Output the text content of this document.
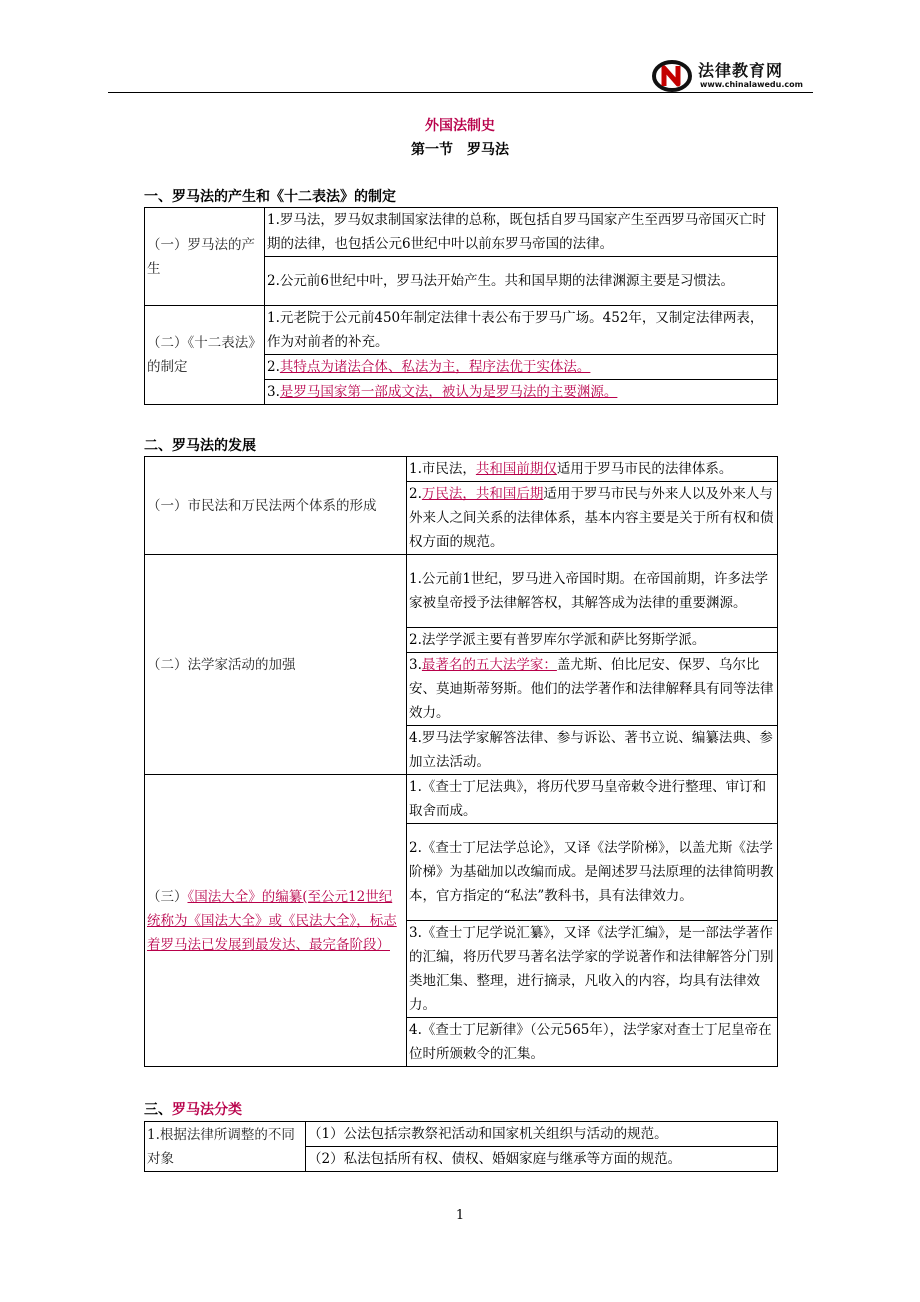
法律教育网
www.chinalawedu.com
外国法制史
第一节　罗马法
一、罗马法的产生和《十二表法》的制定
（一）罗马法的产生	1.罗马法，罗马奴隶制国家法律的总称，既包括自罗马国家产生至西罗马帝国灭亡时期的法律，也包括公元6世纪中叶以前东罗马帝国的法律。
	2.公元前6世纪中叶，罗马法开始产生。共和国早期的法律渊源主要是习惯法。
（二）《十二表法》的制定	1.元老院于公元前450年制定法律十表公布于罗马广场。452年，又制定法律两表，作为对前者的补充。
	2.其特点为诸法合体、私法为主，程序法优于实体法。
	3.是罗马国家第一部成文法，被认为是罗马法的主要渊源。
二、罗马法的发展
（一）市民法和万民法两个体系的形成	1.市民法，共和国前期仅适用于罗马市民的法律体系。
	2.万民法，共和国后期适用于罗马市民与外来人以及外来人与外来人之间关系的法律体系，基本内容主要是关于所有权和债权方面的规范。
（二）法学家活动的加强	1.公元前1世纪，罗马进入帝国时期。在帝国前期，许多法学家被皇帝授予法律解答权，其解答成为法律的重要渊源。
	2.法学学派主要有普罗库尔学派和萨比努斯学派。
	3.最著名的五大法学家：盖尤斯、伯比尼安、保罗、乌尔比安、莫迪斯蒂努斯。他们的法学著作和法律解释具有同等法律效力。
	4.罗马法学家解答法律、参与诉讼、著书立说、编纂法典、参加立法活动。
（三）《国法大全》的编纂(至公元12世纪统称为《国法大全》或《民法大全》，标志着罗马法已发展到最发达、最完备阶段）	1.《查士丁尼法典》，将历代罗马皇帝敕令进行整理、审订和取舍而成。
	2.《查士丁尼法学总论》，又译《法学阶梯》，以盖尤斯《法学阶梯》为基础加以改编而成。是阐述罗马法原理的法律简明教本，官方指定的“私法”教科书，具有法律效力。
	3.《查士丁尼学说汇纂》，又译《法学汇编》，是一部法学著作的汇编，将历代罗马著名法学家的学说著作和法律解答分门别类地汇集、整理，进行摘录，凡收入的内容，均具有法律效力。
	4.《查士丁尼新律》（公元565年），法学家对查士丁尼皇帝在位时所颁敕令的汇集。
三、罗马法分类
1.根据法律所调整的不同对象	（1）公法包括宗教祭祀活动和国家机关组织与活动的规范。
（2）私法包括所有权、债权、婚姻家庭与继承等方面的规范。
1
